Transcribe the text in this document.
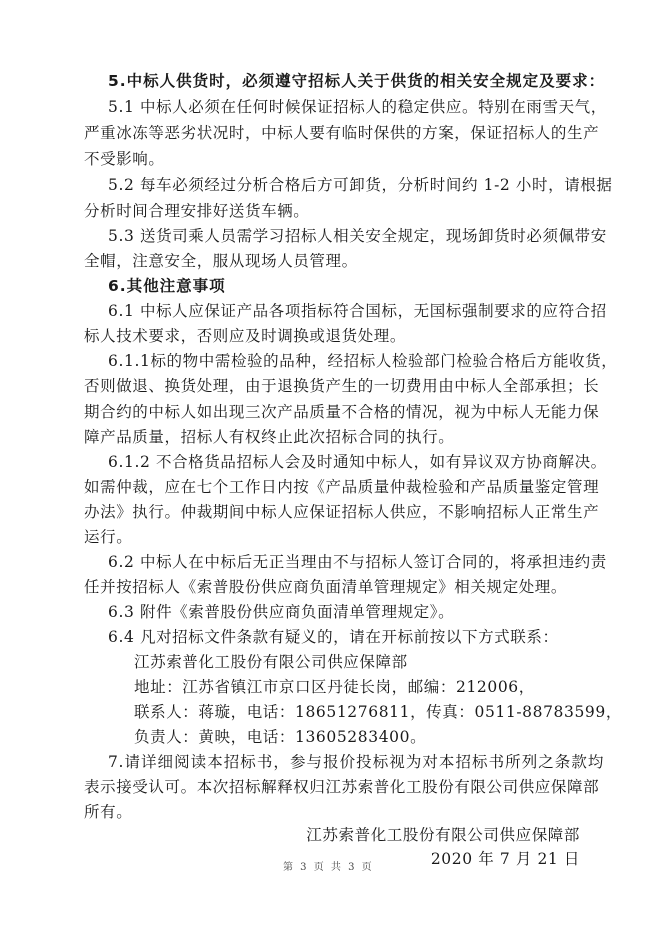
5.中标人供货时，必须遵守招标人关于供货的相关安全规定及要求：
5.1 中标人必须在任何时候保证招标人的稳定供应。特别在雨雪天气，
严重冰冻等恶劣状况时，中标人要有临时保供的方案，保证招标人的生产
不受影响。
5.2 每车必须经过分析合格后方可卸货，分析时间约 1-2 小时，请根据
分析时间合理安排好送货车辆。
5.3 送货司乘人员需学习招标人相关安全规定，现场卸货时必须佩带安
全帽，注意安全，服从现场人员管理。
6.其他注意事项
6.1 中标人应保证产品各项指标符合国标，无国标强制要求的应符合招
标人技术要求，否则应及时调换或退货处理。
6.1.1标的物中需检验的品种，经招标人检验部门检验合格后方能收货，
否则做退、换货处理，由于退换货产生的一切费用由中标人全部承担；长
期合约的中标人如出现三次产品质量不合格的情况，视为中标人无能力保
障产品质量，招标人有权终止此次招标合同的执行。
6.1.2 不合格货品招标人会及时通知中标人，如有异议双方协商解决。
如需仲裁，应在七个工作日内按《产品质量仲裁检验和产品质量鉴定管理
办法》执行。仲裁期间中标人应保证招标人供应，不影响招标人正常生产
运行。
6.2 中标人在中标后无正当理由不与招标人签订合同的，将承担违约责
任并按招标人《索普股份供应商负面清单管理规定》相关规定处理。
6.3 附件《索普股份供应商负面清单管理规定》。
6.4 凡对招标文件条款有疑义的，请在开标前按以下方式联系：
江苏索普化工股份有限公司供应保障部
地址：江苏省镇江市京口区丹徒长岗，邮编：212006，
联系人：蒋璇，电话：18651276811，传真：0511-88783599，
负责人：黄映，电话：13605283400。
7.请详细阅读本招标书，参与报价投标视为对本招标书所列之条款均
表示接受认可。本次招标解释权归江苏索普化工股份有限公司供应保障部
所有。
江苏索普化工股份有限公司供应保障部
2020 年 7 月 21 日
第 3 页 共 3 页
